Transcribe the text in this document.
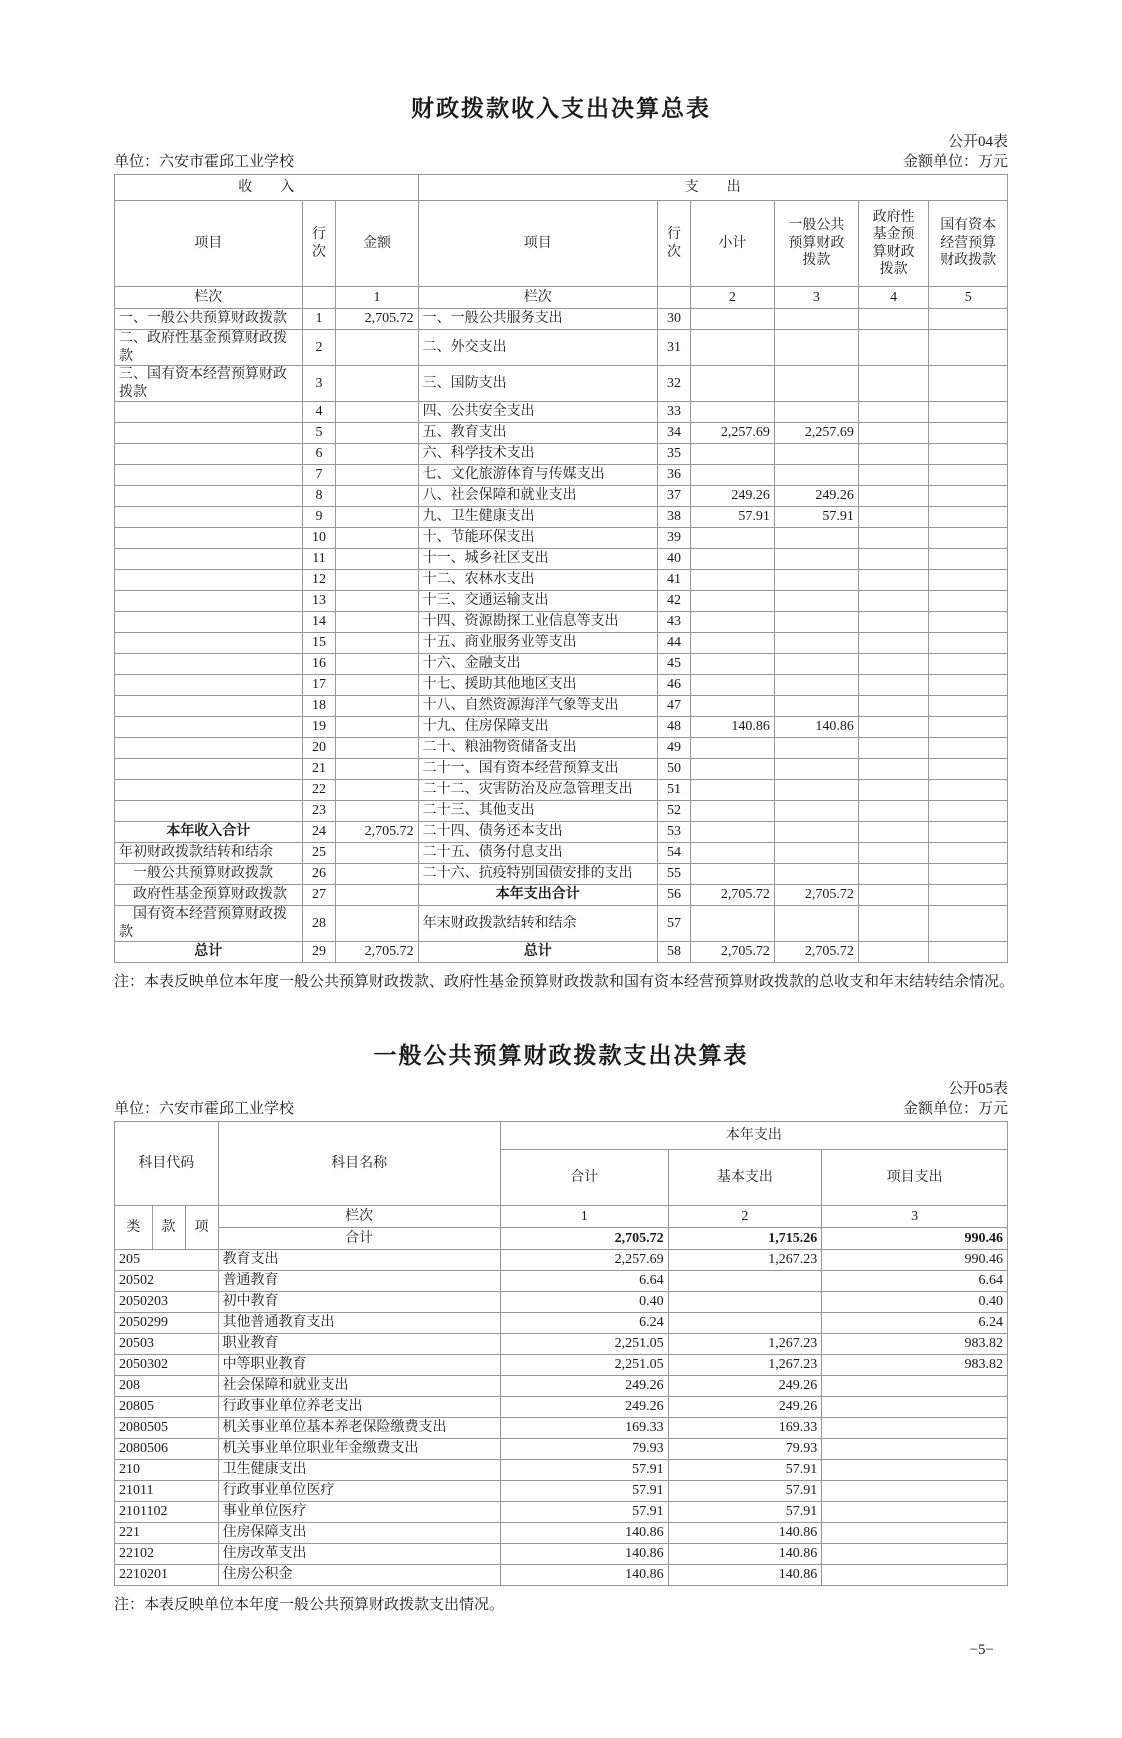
财政拨款收入支出决算总表
公开04表
单位：六安市霍邱工业学校	金额单位：万元
收　　入			支　　出					
项目	行次	金额	项目	行次	小计	一般公共预算财政拨款	政府性基金预算财政拨款	国有资本经营预算财政拨款
栏次		1	栏次		2	3	4	5
一、一般公共预算财政拨款	1	2,705.72	一、一般公共服务支出	30				
二、政府性基金预算财政拨款	2		二、外交支出	31				
三、国有资本经营预算财政拨款	3		三、国防支出	32				
	4		四、公共安全支出	33				
	5		五、教育支出	34	2,257.69	2,257.69		
	6		六、科学技术支出	35				
	7		七、文化旅游体育与传媒支出	36				
	8		八、社会保障和就业支出	37	249.26	249.26		
	9		九、卫生健康支出	38	57.91	57.91		
	10		十、节能环保支出	39				
	11		十一、城乡社区支出	40				
	12		十二、农林水支出	41				
	13		十三、交通运输支出	42				
	14		十四、资源勘探工业信息等支出	43				
	15		十五、商业服务业等支出	44				
	16		十六、金融支出	45				
	17		十七、援助其他地区支出	46				
	18		十八、自然资源海洋气象等支出	47				
	19		十九、住房保障支出	48	140.86	140.86		
	20		二十、粮油物资储备支出	49				
	21		二十一、国有资本经营预算支出	50				
	22		二十二、灾害防治及应急管理支出	51				
	23		二十三、其他支出	52				
本年收入合计	24	2,705.72	二十四、债务还本支出	53				
年初财政拨款结转和结余	25		二十五、债务付息支出	54				
一般公共预算财政拨款	26		二十六、抗疫特别国债安排的支出	55				
政府性基金预算财政拨款	27		本年支出合计	56	2,705.72	2,705.72		
国有资本经营预算财政拨款	28		年末财政拨款结转和结余	57				
总计	29	2,705.72	总计	58	2,705.72	2,705.72		
注：本表反映单位本年度一般公共预算财政拨款、政府性基金预算财政拨款和国有资本经营预算财政拨款的总收支和年末结转结余情况。
一般公共预算财政拨款支出决算表
公开05表
单位：六安市霍邱工业学校	金额单位：万元
科目代码			科目名称	本年支出		
				合计	基本支出	项目支出
类	款	项	栏次	1	2	3
			合计	2,705.72	1,715.26	990.46
205			教育支出	2,257.69	1,267.23	990.46
20502			普通教育	6.64		6.64
2050203			初中教育	0.40		0.40
2050299			其他普通教育支出	6.24		6.24
20503			职业教育	2,251.05	1,267.23	983.82
2050302			中等职业教育	2,251.05	1,267.23	983.82
208			社会保障和就业支出	249.26	249.26	
20805			行政事业单位养老支出	249.26	249.26	
2080505			机关事业单位基本养老保险缴费支出	169.33	169.33	
2080506			机关事业单位职业年金缴费支出	79.93	79.93	
210			卫生健康支出	57.91	57.91	
21011			行政事业单位医疗	57.91	57.91	
2101102			事业单位医疗	57.91	57.91	
221			住房保障支出	140.86	140.86	
22102			住房改革支出	140.86	140.86	
2210201			住房公积金	140.86	140.86	
注：本表反映单位本年度一般公共预算财政拨款支出情况。
−5−
